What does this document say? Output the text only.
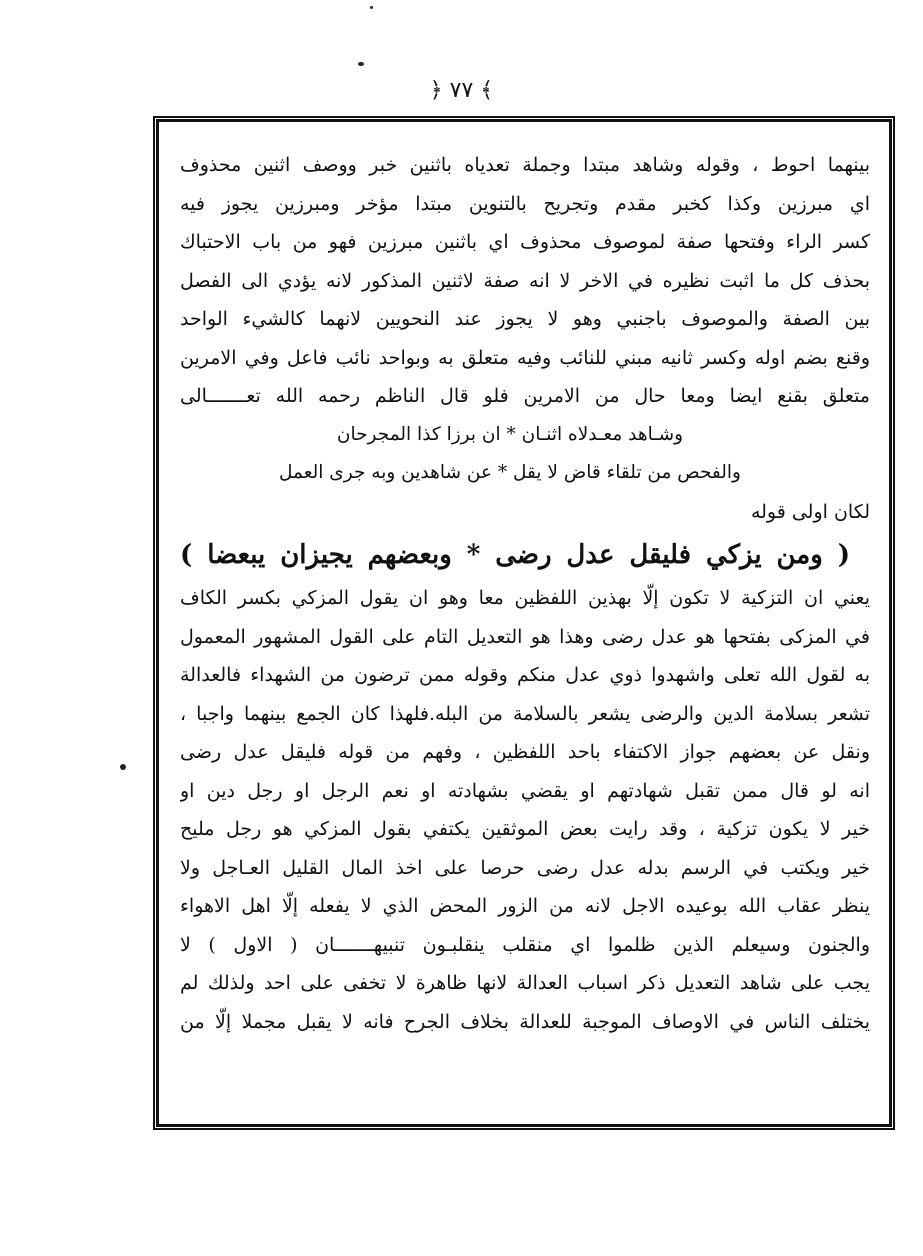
﴿ ٧٧ ﴾
بينهما احوط ، وقوله وشاهد مبتدا وجملة تعدياه باثنين خبر ووصف اثنين محذوف
اي مبرزين وكذا كخبر مقدم وتجريح بالتنوين مبتدا مؤخر ومبرزين يجوز فيه
كسر الراء وفتحها صفة لموصوف محذوف اي باثنين مبرزين فهو من باب الاحتباك
بحذف كل ما اثبت نظيره في الاخر لا انه صفة لاثنين المذكور لانه يؤدي الى الفصل
بين الصفة والموصوف باجنبي وهو لا يجوز عند النحويين لانهما كالشيء الواحد
وقنع بضم اوله وكسر ثانيه مبني للنائب وفيه متعلق به وبواحد نائب فاعل وفي الامرين
متعلق بقنع ايضا ومعا حال من الامرين فلو قال الناظم رحمه الله تعـــــــالى
وشـاهد معـدلاه اثنـان * ان برزا كذا المجرحان
والفحص من تلقاء قاض لا يقل * عن شاهدين وبه جرى العمل
لكان اولى قوله
( ومن يزكي فليقل عدل رضى * وبعضهم يجيزان يبعضا )
يعني ان التزكية لا تكون إلّا بهذين اللفظين معا وهو ان يقول المزكي بكسر الكاف
في المزكى بفتحها هو عدل رضى وهذا هو التعديل التام على القول المشهور المعمول
به لقول الله تعلى واشهدوا ذوي عدل منكم وقوله ممن ترضون من الشهداء فالعدالة
تشعر بسلامة الدين والرضى يشعر بالسلامة من البله.فلهذا كان الجمع بينهما واجبا ،
ونقل عن بعضهم جواز الاكتفاء باحد اللفظين ، وفهم من قوله فليقل عدل رضى
انه لو قال ممن تقبل شهادتهم او يقضي بشهادته او نعم الرجل او رجل دين او
خير لا يكون تزكية ، وقد رايت بعض الموثقين يكتفي بقول المزكي هو رجل مليح
خير ويكتب في الرسم بدله عدل رضى حرصا على اخذ المال القليل العـاجل ولا
ينظر عقاب الله بوعيده الاجل لانه من الزور المحض الذي لا يفعله إلّا اهل الاهواء
والجنون وسيعلم الذين ظلموا اي منقلب ينقلبـون تنبيهـــــــان ( الاول ) لا
يجب على شاهد التعديل ذكر اسباب العدالة لانها ظاهرة لا تخفى على احد ولذلك لم
يختلف الناس في الاوصاف الموجبة للعدالة بخلاف الجرح فانه لا يقبل مجملا إلّا من
